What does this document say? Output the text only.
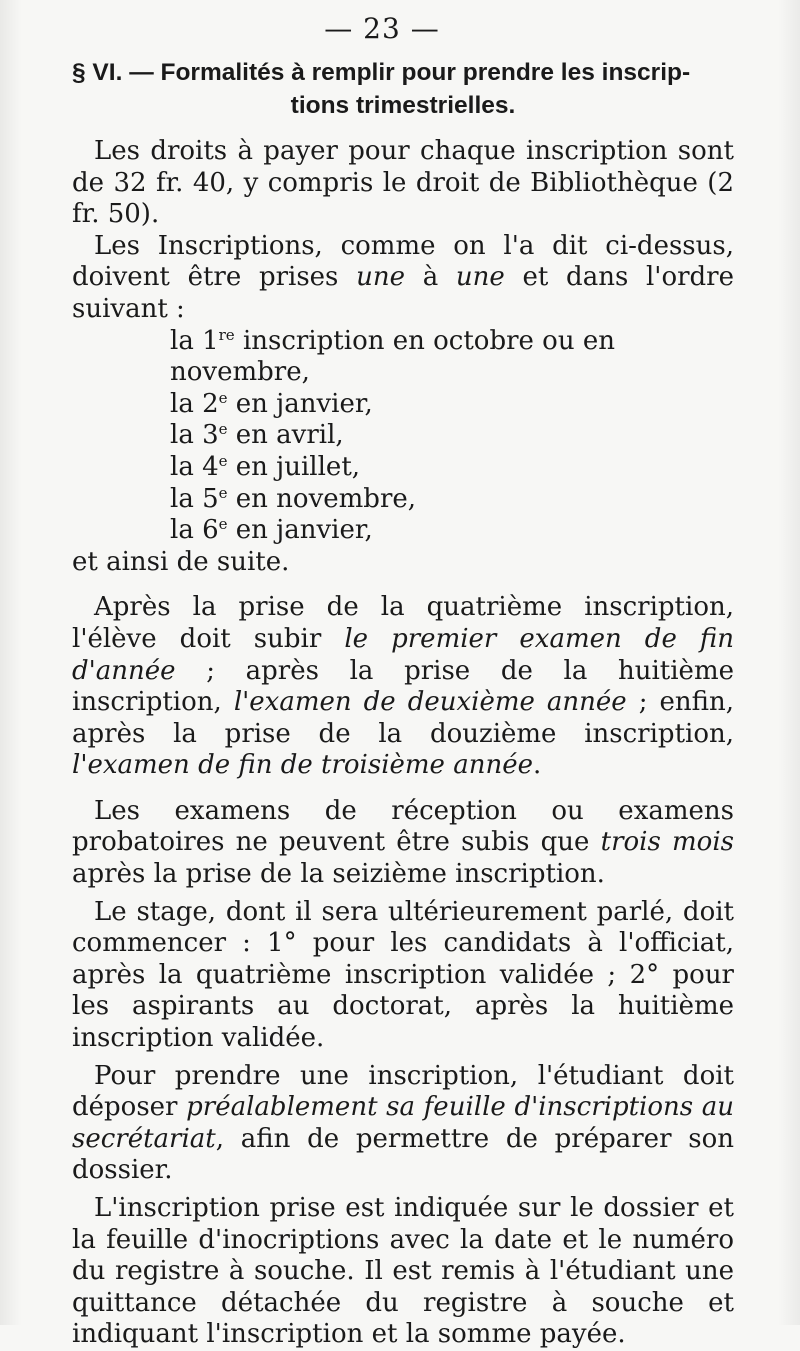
— 23 —
§ VI. — Formalités à remplir pour prendre les inscrip-
tions trimestrielles.

Les droits à payer pour chaque inscription sont de 32 fr. 40, y compris le droit de Bibliothèque (2 fr. 50).

Les Inscriptions, comme on l'a dit ci-dessus, doivent être prises une à une et dans l'ordre suivant :

la 1re inscription en octobre ou en novembre,
la 2e en janvier,
la 3e en avril,
la 4e en juillet,
la 5e en novembre,
la 6e en janvier,

et ainsi de suite.

Après la prise de la quatrième inscription, l'élève doit subir le premier examen de fin d'année ; après la prise de la huitième inscription, l'examen de deuxième année ; enfin, après la prise de la douzième inscription, l'examen de fin de troisième année.

Les examens de réception ou examens probatoires ne peuvent être subis que trois mois après la prise de la seizième inscription.

Le stage, dont il sera ultérieurement parlé, doit commencer : 1° pour les candidats à l'officiat, après la quatrième inscription validée ; 2° pour les aspirants au doctorat, après la huitième inscription validée.

Pour prendre une inscription, l'étudiant doit déposer préalablement sa feuille d'inscriptions au secrétariat, afin de permettre de préparer son dossier.

L'inscription prise est indiquée sur le dossier et la feuille d'inocriptions avec la date et le numéro du registre à souche. Il est remis à l'étudiant une quittance détachée du registre à souche et indiquant l'inscription et la somme payée.
